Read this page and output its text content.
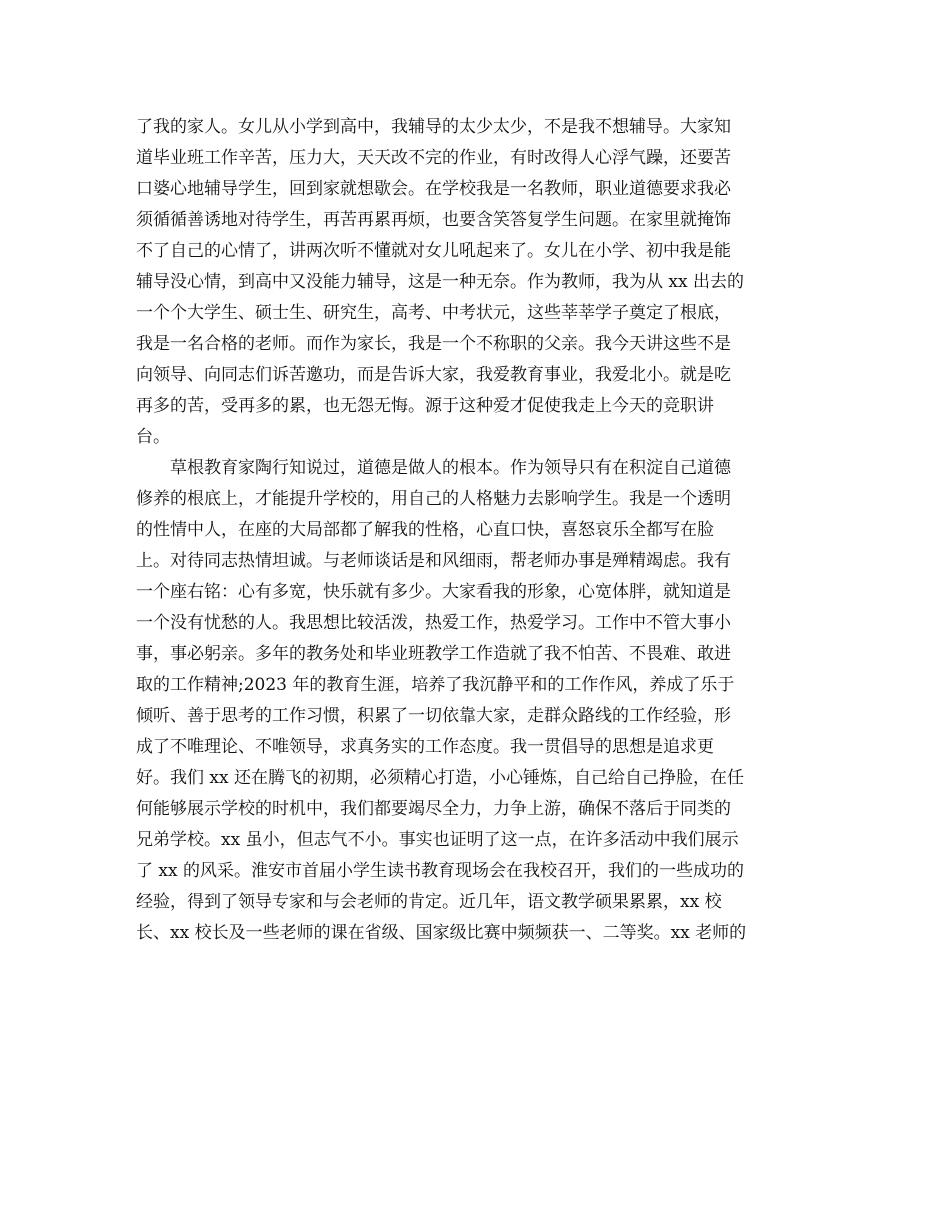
了我的家人。女儿从小学到高中，我辅导的太少太少，不是我不想辅导。大家知
道毕业班工作辛苦，压力大，天天改不完的作业，有时改得人心浮气躁，还要苦
口婆心地辅导学生，回到家就想歇会。在学校我是一名教师，职业道德要求我必
须循循善诱地对待学生，再苦再累再烦，也要含笑答复学生问题。在家里就掩饰
不了自己的心情了，讲两次听不懂就对女儿吼起来了。女儿在小学、初中我是能
辅导没心情，到高中又没能力辅导，这是一种无奈。作为教师，我为从 xx 出去的
一个个大学生、硕士生、研究生，高考、中考状元，这些莘莘学子奠定了根底，
我是一名合格的老师。而作为家长，我是一个不称职的父亲。我今天讲这些不是
向领导、向同志们诉苦邀功，而是告诉大家，我爱教育事业，我爱北小。就是吃
再多的苦，受再多的累，也无怨无悔。源于这种爱才促使我走上今天的竞职讲
台。
　　草根教育家陶行知说过，道德是做人的根本。作为领导只有在积淀自己道德
修养的根底上，才能提升学校的，用自己的人格魅力去影响学生。我是一个透明
的性情中人，在座的大局部都了解我的性格，心直口快，喜怒哀乐全都写在脸
上。对待同志热情坦诚。与老师谈话是和风细雨，帮老师办事是殚精竭虑。我有
一个座右铭：心有多宽，快乐就有多少。大家看我的形象，心宽体胖，就知道是
一个没有忧愁的人。我思想比较活泼，热爱工作，热爱学习。工作中不管大事小
事，事必躬亲。多年的教务处和毕业班教学工作造就了我不怕苦、不畏难、敢进
取的工作精神;2023 年的教育生涯，培养了我沉静平和的工作作风，养成了乐于
倾听、善于思考的工作习惯，积累了一切依靠大家，走群众路线的工作经验，形
成了不唯理论、不唯领导，求真务实的工作态度。我一贯倡导的思想是追求更
好。我们 xx 还在腾飞的初期，必须精心打造，小心锤炼，自己给自己挣脸，在任
何能够展示学校的时机中，我们都要竭尽全力，力争上游，确保不落后于同类的
兄弟学校。xx 虽小，但志气不小。事实也证明了这一点，在许多活动中我们展示
了 xx 的风采。淮安市首届小学生读书教育现场会在我校召开，我们的一些成功的
经验，得到了领导专家和与会老师的肯定。近几年，语文教学硕果累累，xx 校
长、xx 校长及一些老师的课在省级、国家级比赛中频频获一、二等奖。xx 老师的
